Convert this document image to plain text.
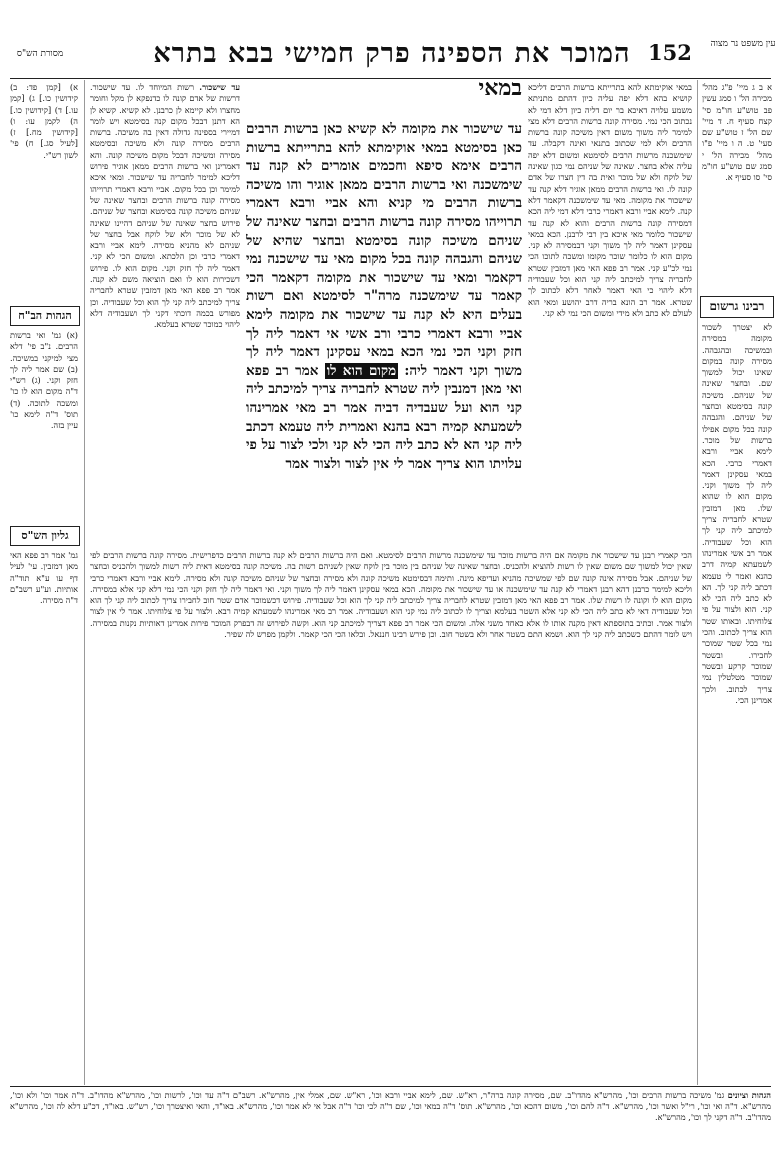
מסורת הש"ס	המוכר את הספינה פרק חמישי בבא בתרא 152 עין משפט נר מצוה

א ב ג מיי' פ"ג מהל' מכירה הל' ו סמג עשין פב טוש"ע חו"מ סי' קצח סעיף ח. ד מיי' שם הל' ז טוש"ע שם סעי' ט. ה ו מיי' פ"ו מהל' מכירה הל' י סמג שם טוש"ע חו"מ סי' סו סעיף א.

רבינו גרשום

לא יצטרך לשכור מקומה במסירה ובמשיכה ובהגבהה. מסירה קונה במקום שאינו יכול למשוך שם. ובחצר שאינה של שניהם. משיכה קונה בסימטא ובחצר של שניהם. והגבהה קונה בכל מקום אפילו ברשות של מוכר. לימא אביי ורבא דאמרי כרבי. הכא במאי עסקינן דאמר ליה לך משוך וקני. מקום הוא לו שהוא שלו. מאן דמזבין שטרא לחבריה צריך למיכתב ליה קני לך הוא וכל שעבודיה. אמר רב אשי אמרינהו לשמעתא קמיה דרב כהנא ואמר לי טעמא דכתב ליה קני לך. הא לא כתב ליה הכי לא קני. הוא ולצור על פי צלוחיתו. ובאותו שטר הוא צריך לכתוב. והכי נמי בכל שטר שמוכר לחבירו. ובשטר שמוכר קרקע ובשטר שמוכר מטלטלין נמי צריך לכתוב. ולכך אמרינן הכי.

א) [קמן פד: ב) קידושין כו.] ג) [קמן עו.] ד) [קידושין כו.] ה) לקמן עו: ו) [קידושין מח.] ז) [לעיל סג.] ח) פי' לשון רש"י.

הגהות הב"ח

(א) גמ' ואי ברשות הרבים. נ"ב פי' דלא מצי למיקני במשיכה. (ב) שם אמר ליה לך חזק וקני. (ג) רש"י ד"ה מקום הוא לו כו' ומשכה לתוכה. (ד) תוס' ד"ה לימא כו' עיין בזה.

גליון הש"ס

גמ' אמר רב פפא האי מאן דמזבין. עי' לעיל דף עו ע"א תוד"ה אותיות. וע"ע רשב"ם ד"ה מסירה.

במאי אוקימתא להא בתרייתא ברשות הרבים דליכא קושיא בהא דלא יפה עליה כיון דהתם מתניתא משמע עלויה דאיכא בר יום דליה כיון דלא דמי לא נכתוב הכי נמי. מסירה קונה ברשות הרבים דלא מצי למימר ליה משוך משום דאין משיכה קונה ברשות הרבים ולא למי שכתוב בתנאי ואינה דקבלה. עד שימשכנה מרשות הרבים לסימטא ומשום דלא יפה עליה אלא בחצר. שאינה של שניהם נמי כגון שאינה של לוקח ולא של מוכר ואית בה דין חצרו של אדם קונה לו. ואי ברשות הרבים ממאן אוגיר דלא קנה עד שישכור את מקומה. מאי עד שימשכנה דקאמר דלא קנה. לימא אביי ורבא דאמרי כרבי דלא דמי ליה הכא דמסירה קונה ברשות הרבים והוא לא קנה עד שישכור כלומר מאי איכא בין רבי לרבנן. הכא במאי עסקינן דאמר ליה לך משוך וקני דבמסירה לא קני. מקום הוא לו כלומר שוכר מקומו ומשכה לתוכו הכי נמי לכ"ע קני. אמר רב פפא האי מאן דמזבין שטרא לחבריה צריך למיכתב ליה קני הוא וכל שעבודיה דלא ליהוי כי האי דאמר לאחר דלא לכתוב לך שטרא. אמר רב הונא בריה דרב יהושע ומאי הוא לעולם לא כתב ולא מידי ומשום הכי נמי לא קני.

עד שישכור. רשות המיוחד לו. עד שישכור. דרשות של אדם קונה לו כדנפקא לן מקל וחומר מחצרו ולא קיימא לן כרבנן. לא קשיא. קשיא לן הא דתנן דבכל מקום קנה בסימטא ויש לומר דמיירי בספינה גדולה דאין בה משיכה. ברשות הרבים מסירה קונה ולא משיכה ובסימטא מסירה ומשיכה דבכל מקום משיכה קונה. והא דאמרינן ואי ברשות הרבים ממאן אוגיר פירוש דליכא למימר לחבריה עד שישכור. ומאי איכא למימר וכן בכל מקום. אביי ורבא דאמרי תרוייהו מסירה קונה ברשות הרבים ובחצר שאינה של שניהם משיכה קונה בסימטא ובחצר של שניהם. פירוש בחצר שאינה של שניהם דהיינו שאינה לא של מוכר ולא של לוקח אבל בחצר של שניהם לא מהניא מסירה. לימא אביי ורבא דאמרי כרבי וכן הלכתא. ומשום הכי לא קני. דאמר ליה לך חזק וקני. מקום הוא לו. פירוש דשכירות הוא לו ואם הוציאה משם לא קנה. אמר רב פפא האי מאן דמזבין שטרא לחבריה צריך למיכתב ליה קני לך הוא וכל שעבודיה. וכן מפורש בכמה דוכתי דקני לך ושעבודיה דלא ליהוי כמוכר שטרא בעלמא.

עד שישכור את מקומה לא קשיא כאן ברשות הרבים כאן בסימטא במאי אוקימתא להא בתרייתא ברשות הרבים אימא סיפא וחכמים אומרים לא קנה עד שימשכנה ואי ברשות הרבים ממאן אוגיר והו משיכה ברשות הרבים מי קניא והא אביי ורבא דאמרי תרוייהו מסירה קונה ברשות הרבים ובחצר שאינה של שניהם משיכה קונה בסימטא ובחצר שהיא של שניהם והגבהה קונה בכל מקום מאי עד שישכנה נמי דקאמר ומאי עד שישכור את מקומה דקאמר הכי קאמר עד שימשכנה מרה"ר לסימטא ואם רשות בעלים היא לא קנה עד שישכור את מקומה לימא אביי ורבא דאמרי כרבי ורב אשי אי דאמר ליה לך חזק וקני הכי נמי הכא במאי עסקינן דאמר ליה לך משוך וקני דאמר ליה: מקום הוא לו אמר רב פפא ואי מאן דמנבין ליה שטרא לחבריה צריך למיכתב ליה קני הוא ועל שעבדיה דביה אמר רב מאי אמרינהו לשמעתא קמיה רבא בהנא ואמרית ליה טעמא דכתב ליה קני הא לא כתב ליה הכי לא קני ולכי לצור על פי עלויתו הוא צריך אמר לי אין לצור ולצור אמר

במאי

הכי קאמרי רבנן עד שישכור את מקומה אם היה ברשות מוכר עד שימשכנה מרשות הרבים לסימטא. ואם היה ברשות הרבים לא קנה ברשות הרבים כדפרישית. מסירה קונה ברשות הרבים לפי שאין יכול למשוך שם משום שאין לו רשות להוציא ולהכניס. ובחצר שאינה של שניהם בין מוכר בין לוקח שאין לשניהם רשות בה. משיכה קונה בסימטא דאית ליה רשות למשוך ולהכניס ובחצר של שניהם. אבל מסירה אינה קונה שם לפי שמשיכה מהניא ועדיפא מינה. ותימה דבסימטא משיכה קונה ולא מסירה ובחצר של שניהם משיכה קונה ולא מסירה. לימא אביי ורבא דאמרי כרבי וליכא למימר כרבנן דהא רבנן דאמרי לא קנה עד שימשכנה או עד שישכור את מקומה. הכא במאי עסקינן דאמר ליה לך משוך וקני. ואי דאמר ליה לך חזק וקני הכי נמי דלא קני אלא במסירה. מקום הוא לו וקונה לו רשות שלו. אמר רב פפא האי מאן דמזבין שטרא לחבריה צריך למיכתב ליה קני לך הוא וכל שעבודיה. פירוש דכשמוכר אדם שטר חוב לחבירו צריך לכתוב ליה קני לך הוא וכל שעבודיה דאי לא כתב ליה הכי לא קני אלא השטר בעלמא וצריך לו לכתוב ליה נמי קני הוא ושעבודיה. אמר רב מאי אמרינהו לשמעתא קמיה רבא. ולצור על פי צלוחיתו. אמר לי אין לצור ולצור אמר. וכתיב בתוספתא דאין מקנה אותו לו אלא כאחד משני אלה. ומשום הכי אמר רב פפא דצריך למיכתב קני הוא. וקשה לפירוש זה דבפרק המוכר פירות אמרינן דאותיות נקנות במסירה. ויש לומר דהתם כשכתב ליה קני לך הוא. ושמא התם בשטר אחר ולא בשטר חוב. וכן פירש רבינו חננאל. ובלאו הכי הכי קאמר. ולקמן מפרש לה שפיר.

הגהות וציונים גמ' משיכה ברשות הרבים וכו', מהרש"א מהדו"ב. שם, מסירה קונה ברה"ר, רא"ש. שם, לימא אביי ורבא וכו', רא"ש. שם, אמלי אין, מהרש"א. רשב"ם ד"ה עד וכו', לרשות וכו', מהרש"א מהדו"ב. ד"ה אמר וכו' ולא וכו', מהרש"א. ד"ה ואי וכו', רי"ל ואשר וכו', מהרש"א. ד"ה להם וכו', משום דהכא וכו', מהרש"א. תוס' ד"ה במאי וכו', שם ד"ה לכי וכו' ד"ה אבל אי לא אמר וכו', מהרש"א. באו"ד, והאי ואיצטרך וכו', רש"ש. באו"ד, דכ"ע דלא לה וכו', מהרש"א מהדו"ב. ד"ה דקני לך וכו', מהרש"א.
